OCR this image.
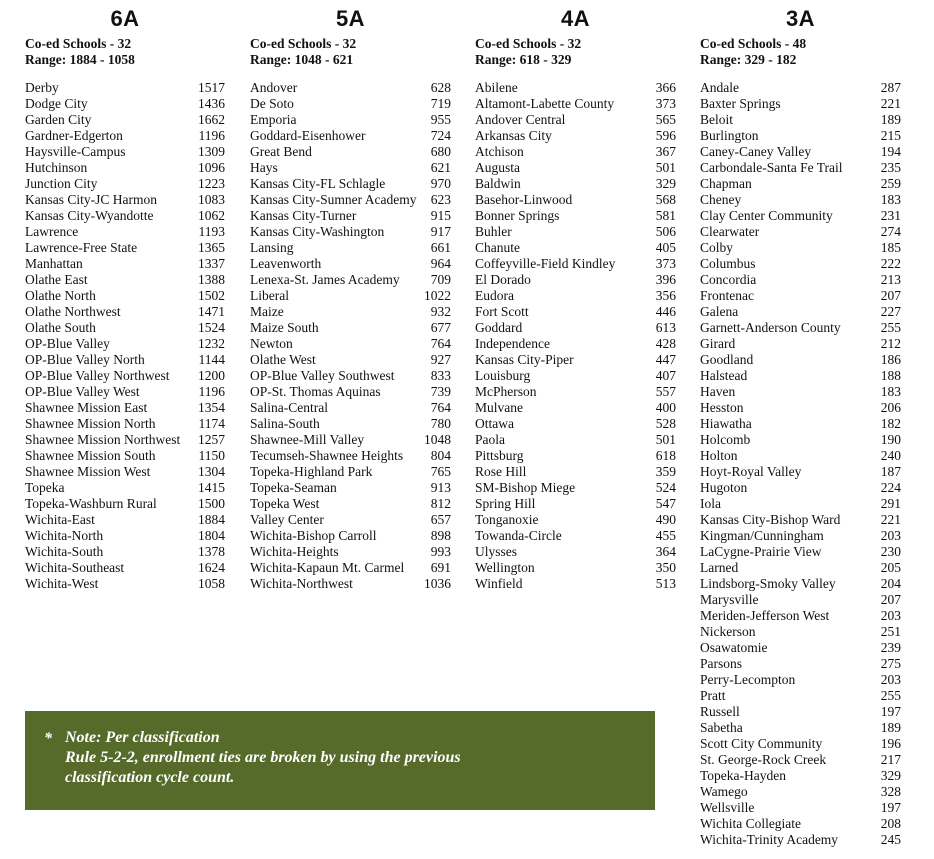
6A
Co-ed Schools - 32
Range: 1884 - 1058
Derby	1517
Dodge City	1436
Garden City	1662
Gardner-Edgerton	1196
Haysville-Campus	1309
Hutchinson	1096
Junction City	1223
Kansas City-JC Harmon	1083
Kansas City-Wyandotte	1062
Lawrence	1193
Lawrence-Free State	1365
Manhattan	1337
Olathe East	1388
Olathe North	1502
Olathe Northwest	1471
Olathe South	1524
OP-Blue Valley	1232
OP-Blue Valley North	1144
OP-Blue Valley Northwest 1200
OP-Blue Valley West	1196
Shawnee Mission East	1354
Shawnee Mission North	1174
Shawnee Mission Northwest 1257
Shawnee Mission South	1150
Shawnee Mission West	1304
Topeka	1415
Topeka-Washburn Rural	1500
Wichita-East	1884
Wichita-North	1804
Wichita-South	1378
Wichita-Southeast	1624
Wichita-West	1058
5A
Co-ed Schools - 32
Range: 1048 - 621
Andover	628
De Soto	719
Emporia	955
Goddard-Eisenhower	724
Great Bend	680
Hays	621
Kansas City-FL Schlagle	970
Kansas City-Sumner Academy 623
Kansas City-Turner	915
Kansas City-Washington	917
Lansing	661
Leavenworth	964
Lenexa-St. James Academy 709
Liberal	1022
Maize	932
Maize South	677
Newton	764
Olathe West	927
OP-Blue Valley Southwest	833
OP-St. Thomas Aquinas	739
Salina-Central	764
Salina-South	780
Shawnee-Mill Valley	1048
Tecumseh-Shawnee Heights 804
Topeka-Highland Park	765
Topeka-Seaman	913
Topeka West	812
Valley Center	657
Wichita-Bishop Carroll	898
Wichita-Heights	993
Wichita-Kapaun Mt. Carmel 691
Wichita-Northwest	1036
4A
Co-ed Schools - 32
Range: 618 - 329
Abilene	366
Altamont-Labette County	373
Andover Central	565
Arkansas City	596
Atchison	367
Augusta	501
Baldwin	329
Basehor-Linwood	568
Bonner Springs	581
Buhler	506
Chanute	405
Coffeyville-Field Kindley	373
El Dorado	396
Eudora	356
Fort Scott	446
Goddard	613
Independence	428
Kansas City-Piper	447
Louisburg	407
McPherson	557
Mulvane	400
Ottawa	528
Paola	501
Pittsburg	618
Rose Hill	359
SM-Bishop Miege	524
Spring Hill	547
Tonganoxie	490
Towanda-Circle	455
Ulysses	364
Wellington	350
Winfield	513
3A
Co-ed Schools - 48
Range: 329 - 182
Andale	287
Baxter Springs	221
Beloit	189
Burlington	215
Caney-Caney Valley	194
Carbondale-Santa Fe Trail	235
Chapman	259
Cheney	183
Clay Center Community	231
Clearwater	274
Colby	185
Columbus	222
Concordia	213
Frontenac	207
Galena	227
Garnett-Anderson County	255
Girard	212
Goodland	186
Halstead	188
Haven	183
Hesston	206
Hiawatha	182
Holcomb	190
Holton	240
Hoyt-Royal Valley	187
Hugoton	224
Iola	291
Kansas City-Bishop Ward	221
Kingman/Cunningham	203
LaCygne-Prairie View	230
Larned	205
Lindsborg-Smoky Valley	204
Marysville	207
Meriden-Jefferson West	203
Nickerson	251
Osawatomie	239
Parsons	275
Perry-Lecompton	203
Pratt	255
Russell	197
Sabetha	189
Scott City Community	196
St. George-Rock Creek	217
Topeka-Hayden	329
Wamego	328
Wellsville	197
Wichita Collegiate	208
Wichita-Trinity Academy	245
* Note: Per classification
Rule 5-2-2, enrollment ties are broken by using the previous
classification cycle count.
